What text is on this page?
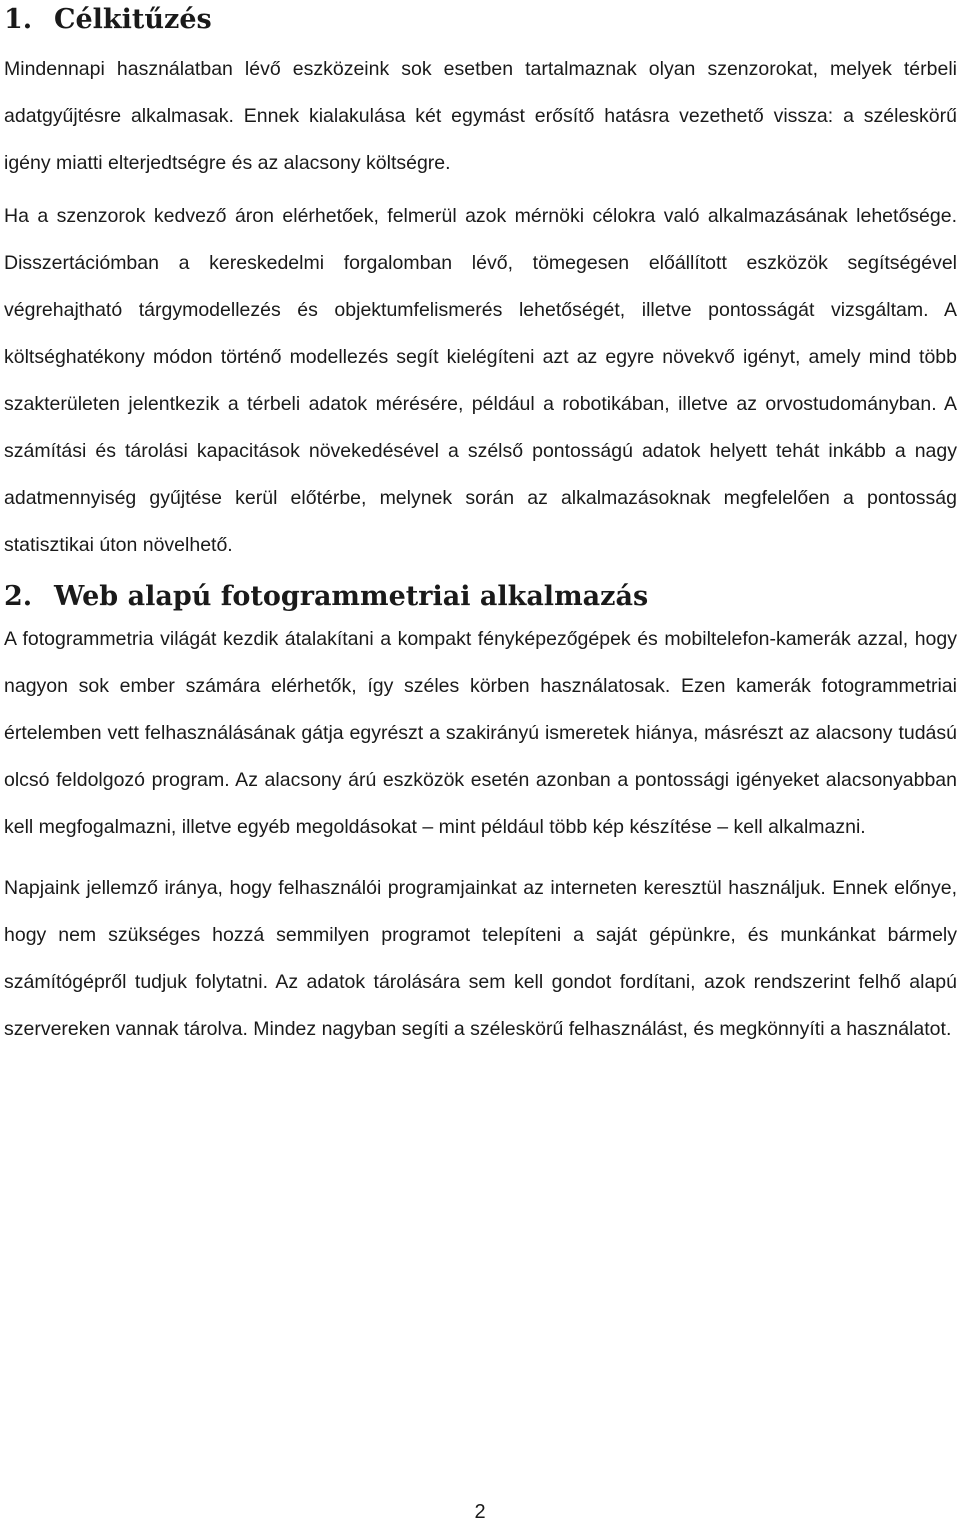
1. Célkitűzés

Mindennapi használatban lévő eszközeink sok esetben tartalmaznak olyan szenzorokat, melyek térbeli adatgyűjtésre alkalmasak. Ennek kialakulása két egymást erősítő hatásra vezethető vissza: a széleskörű igény miatti elterjedtségre és az alacsony költségre.

Ha a szenzorok kedvező áron elérhetőek, felmerül azok mérnöki célokra való alkalmazásának lehetősége. Disszertációmban a kereskedelmi forgalomban lévő, tömegesen előállított eszközök segítségével végrehajtható tárgymodellezés és objektumfelismerés lehetőségét, illetve pontosságát vizsgáltam. A költséghatékony módon történő modellezés segít kielégíteni azt az egyre növekvő igényt, amely mind több szakterületen jelentkezik a térbeli adatok mérésére, például a robotikában, illetve az orvostudományban. A számítási és tárolási kapacitások növekedésével a szélső pontosságú adatok helyett tehát inkább a nagy adatmennyiség gyűjtése kerül előtérbe, melynek során az alkalmazásoknak megfelelően a pontosság statisztikai úton növelhető.

2. Web alapú fotogrammetriai alkalmazás

A fotogrammetria világát kezdik átalakítani a kompakt fényképezőgépek és mobiltelefon-kamerák azzal, hogy nagyon sok ember számára elérhetők, így széles körben használatosak. Ezen kamerák fotogrammetriai értelemben vett felhasználásának gátja egyrészt a szakirányú ismeretek hiánya, másrészt az alacsony tudású olcsó feldolgozó program. Az alacsony árú eszközök esetén azonban a pontossági igényeket alacsonyabban kell megfogalmazni, illetve egyéb megoldásokat – mint például több kép készítése – kell alkalmazni.

Napjaink jellemző iránya, hogy felhasználói programjainkat az interneten keresztül használjuk. Ennek előnye, hogy nem szükséges hozzá semmilyen programot telepíteni a saját gépünkre, és munkánkat bármely számítógépről tudjuk folytatni. Az adatok tárolására sem kell gondot fordítani, azok rendszerint felhő alapú szervereken vannak tárolva. Mindez nagyban segíti a széleskörű felhasználást, és megkönnyíti a használatot.

2
